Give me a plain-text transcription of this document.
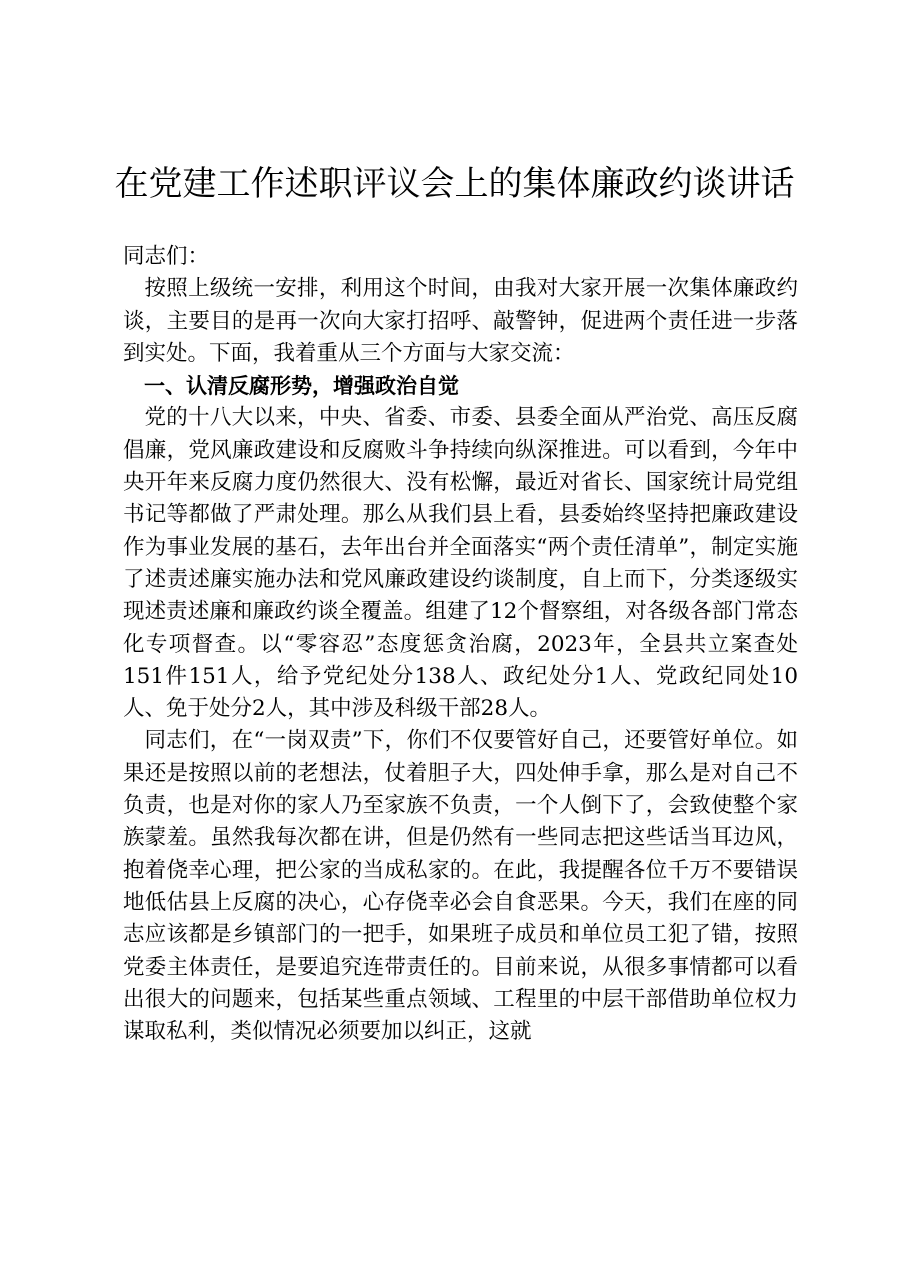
在党建工作述职评议会上的集体廉政约谈讲话

同志们：

按照上级统一安排，利用这个时间，由我对大家开展一次集体廉政约谈，主要目的是再一次向大家打招呼、敲警钟，促进两个责任进一步落到实处。下面，我着重从三个方面与大家交流：

一、认清反腐形势，增强政治自觉

党的十八大以来，中央、省委、市委、县委全面从严治党、高压反腐倡廉，党风廉政建设和反腐败斗争持续向纵深推进。可以看到，今年中央开年来反腐力度仍然很大、没有松懈，最近对省长、国家统计局党组书记等都做了严肃处理。那么从我们县上看，县委始终坚持把廉政建设作为事业发展的基石，去年出台并全面落实“两个责任清单”，制定实施了述责述廉实施办法和党风廉政建设约谈制度，自上而下，分类逐级实现述责述廉和廉政约谈全覆盖。组建了12个督察组，对各级各部门常态化专项督查。以“零容忍”态度惩贪治腐，2023年，全县共立案查处151件151人，给予党纪处分138人、政纪处分1人、党政纪同处10人、免于处分2人，其中涉及科级干部28人。

同志们，在“一岗双责”下，你们不仅要管好自己，还要管好单位。如果还是按照以前的老想法，仗着胆子大，四处伸手拿，那么是对自己不负责，也是对你的家人乃至家族不负责，一个人倒下了，会致使整个家族蒙羞。虽然我每次都在讲，但是仍然有一些同志把这些话当耳边风，抱着侥幸心理，把公家的当成私家的。在此，我提醒各位千万不要错误地低估县上反腐的决心，心存侥幸必会自食恶果。今天，我们在座的同志应该都是乡镇部门的一把手，如果班子成员和单位员工犯了错，按照党委主体责任，是要追究连带责任的。目前来说，从很多事情都可以看出很大的问题来，包括某些重点领域、工程里的中层干部借助单位权力谋取私利，类似情况必须要加以纠正，这就
